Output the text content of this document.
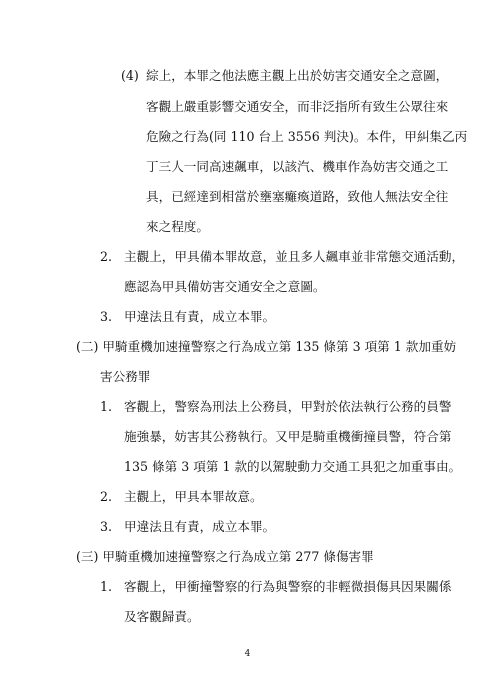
(4) 綜上，本罪之他法應主觀上出於妨害交通安全之意圖，
客觀上嚴重影響交通安全，而非泛指所有致生公眾往來
危險之行為(同 110 台上 3556 判決)。本件，甲糾集乙丙
丁三人一同高速飆車，以該汽、機車作為妨害交通之工
具，已經達到相當於壅塞癱瘓道路，致他人無法安全往
來之程度。
2. 主觀上，甲具備本罪故意，並且多人飆車並非常態交通活動，
應認為甲具備妨害交通安全之意圖。
3. 甲違法且有責，成立本罪。
(二) 甲騎重機加速撞警察之行為成立第 135 條第 3 項第 1 款加重妨
害公務罪
1. 客觀上，警察為刑法上公務員，甲對於依法執行公務的員警
施強暴，妨害其公務執行。又甲是騎重機衝撞員警，符合第
135 條第 3 項第 1 款的以駕駛動力交通工具犯之加重事由。
2. 主觀上，甲具本罪故意。
3. 甲違法且有責，成立本罪。
(三) 甲騎重機加速撞警察之行為成立第 277 條傷害罪
1. 客觀上，甲衝撞警察的行為與警察的非輕微損傷具因果關係
及客觀歸責。
4
